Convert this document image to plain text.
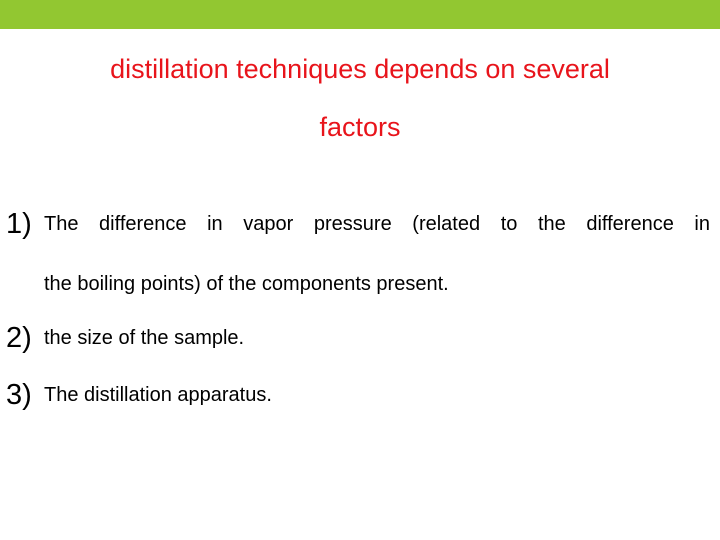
distillation techniques depends on several
factors
1) The difference in vapor pressure (related to the difference in
the boiling points) of the components present.
2) the size of the sample.
3) The distillation apparatus.
